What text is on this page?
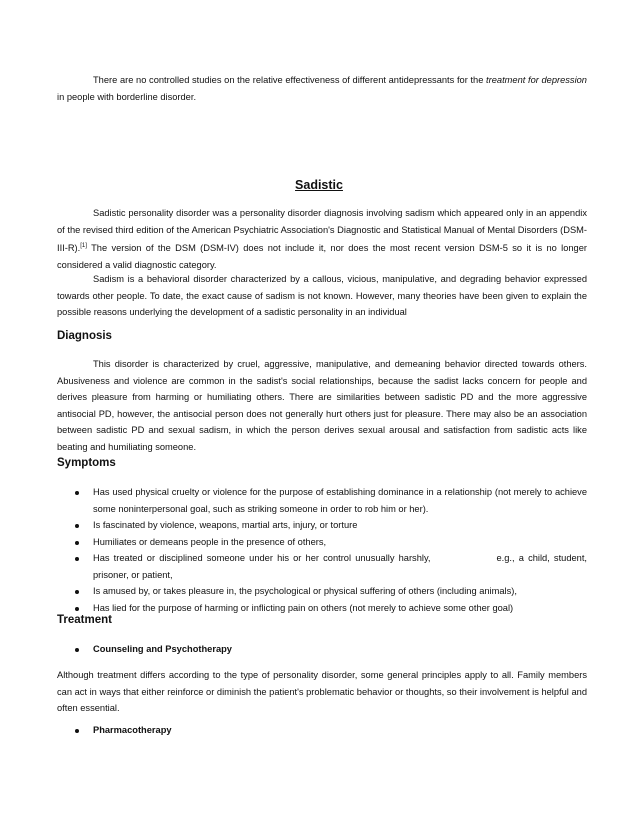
There are no controlled studies on the relative effectiveness of different antidepressants for the treatment for depression in people with borderline disorder.

Sadistic

Sadistic personality disorder was a personality disorder diagnosis involving sadism which appeared only in an appendix of the revised third edition of the American Psychiatric Association's Diagnostic and Statistical Manual of Mental Disorders (DSM-III-R).[1] The version of the DSM (DSM-IV) does not include it, nor does the most recent version DSM-5 so it is no longer considered a valid diagnostic category.

Sadism is a behavioral disorder characterized by a callous, vicious, manipulative, and degrading behavior expressed towards other people. To date, the exact cause of sadism is not known. However, many theories have been given to explain the possible reasons underlying the development of a sadistic personality in an individual

Diagnosis

This disorder is characterized by cruel, aggressive, manipulative, and demeaning behavior directed towards others. Abusiveness and violence are common in the sadist's social relationships, because the sadist lacks concern for people and derives pleasure from harming or humiliating others. There are similarities between sadistic PD and the more aggressive antisocial PD, however, the antisocial person does not generally hurt others just for pleasure. There may also be an association between sadistic PD and sexual sadism, in which the person derives sexual arousal and satisfaction from sadistic acts like beating and humiliating someone.

Symptoms
Has used physical cruelty or violence for the purpose of establishing dominance in a relationship (not merely to achieve some noninterpersonal goal, such as striking someone in order to rob him or her).
Is fascinated by violence, weapons, martial arts, injury, or torture
Humiliates or demeans people in the presence of others,
Has treated or disciplined someone under his or her control unusually harshly,	e.g., a child, student, prisoner, or patient,
Is amused by, or takes pleasure in, the psychological or physical suffering of others (including animals),
Has lied for the purpose of harming or inflicting pain on others (not merely to achieve some other goal)
Treatment
Counseling and Psychotherapy

Although treatment differs according to the type of personality disorder, some general principles apply to all. Family members can act in ways that either reinforce or diminish the patient's problematic behavior or thoughts, so their involvement is helpful and often essential.

Pharmacotherapy
